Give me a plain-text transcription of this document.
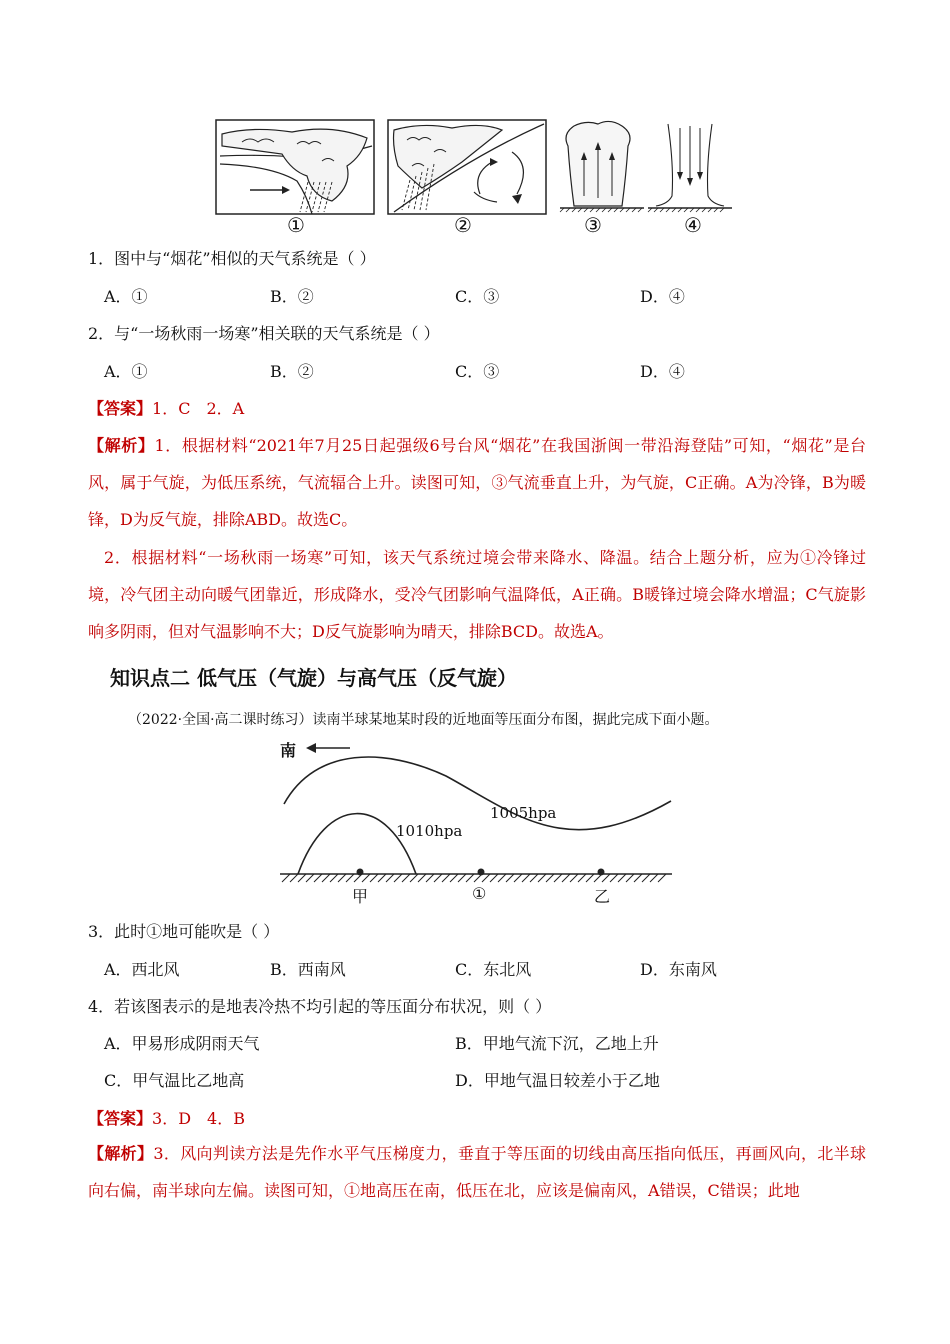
①	②	③	④
1．图中与“烟花”相似的天气系统是（ ）
A．①	B．②	C．③	D．④
2．与“一场秋雨一场寒”相关联的天气系统是（ ）
A．①	B．②	C．③	D．④
【答案】1．C　2．A
【解析】1．根据材料“2021年7月25日起强级6号台风“烟花”在我国浙闽一带沿海登陆”可知，“烟花”是台风，属于气旋，为低压系统，气流辐合上升。读图可知，③气流垂直上升，为气旋，C正确。A为冷锋，B为暖锋，D为反气旋，排除ABD。故选C。
2．根据材料“一场秋雨一场寒”可知，该天气系统过境会带来降水、降温。结合上题分析，应为①冷锋过境，冷气团主动向暖气团靠近，形成降水，受冷气团影响气温降低，A正确。B暖锋过境会降水增温；C气旋影响多阴雨，但对气温影响不大；D反气旋影响为晴天，排除BCD。故选A。
知识点二 低气压（气旋）与高气压（反气旋）
（2022·全国·高二课时练习）读南半球某地某时段的近地面等压面分布图，据此完成下面小题。
南
1005hpa
1010hpa
甲	①	乙
3．此时①地可能吹是（ ）
A．西北风	B．西南风	C．东北风	D．东南风
4．若该图表示的是地表冷热不均引起的等压面分布状况，则（ ）
A．甲易形成阴雨天气	B．甲地气流下沉，乙地上升
C．甲气温比乙地高	D．甲地气温日较差小于乙地
【答案】3．D　4．B
【解析】3．风向判读方法是先作水平气压梯度力，垂直于等压面的切线由高压指向低压，再画风向，北半球向右偏，南半球向左偏。读图可知，①地高压在南，低压在北，应该是偏南风，A错误，C错误；此地
